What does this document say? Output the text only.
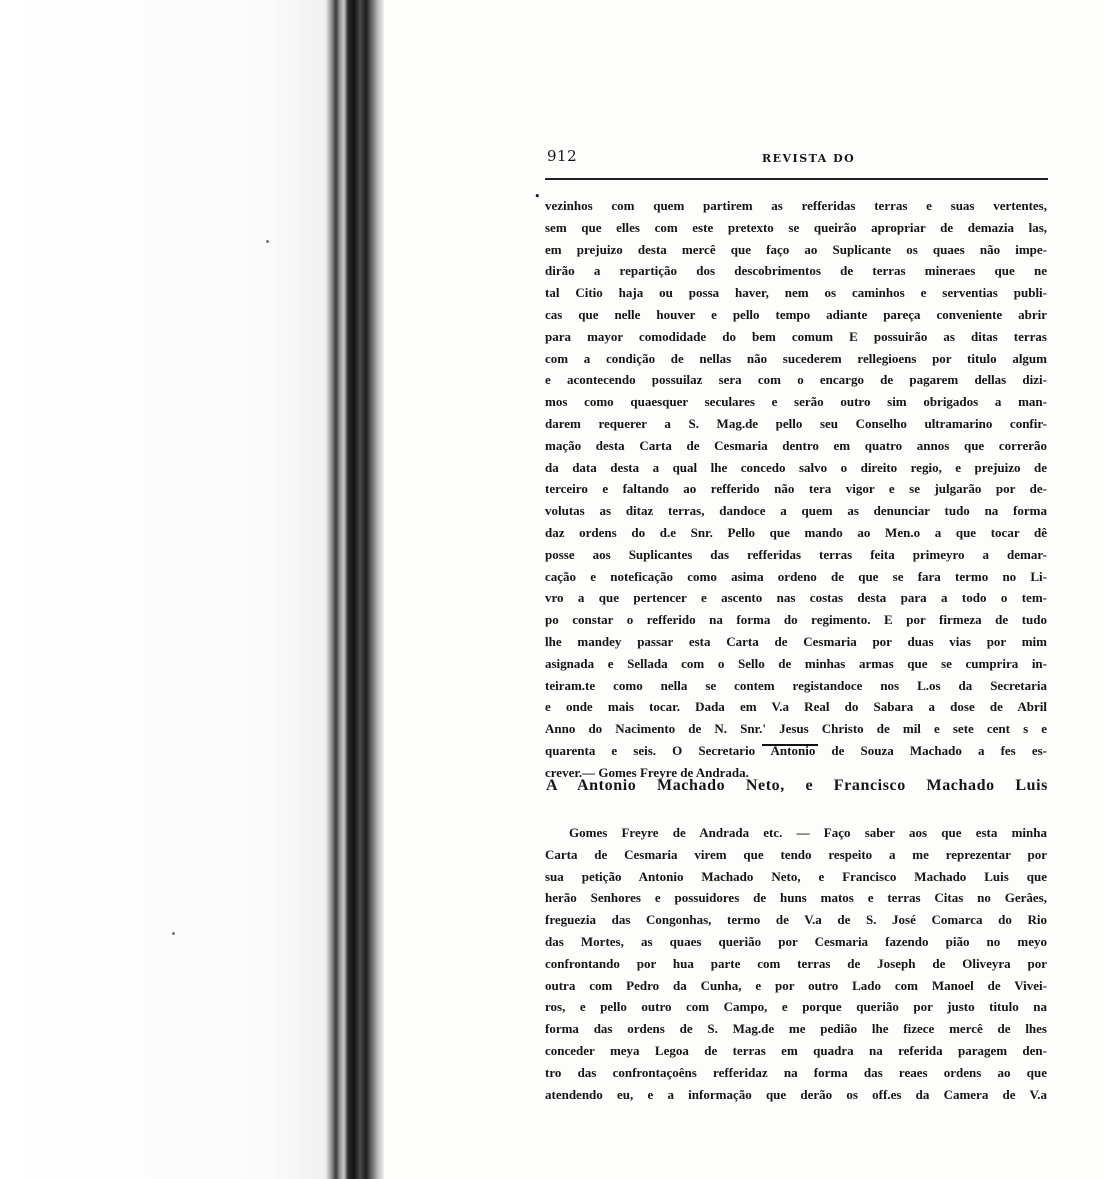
912	REVISTA DO
•
vezinhos com quem partirem as refferidas terras e suas vertentes,
sem que elles com este pretexto se queirão apropriar de demazia las,
em prejuizo desta mercê que faço ao Suplicante os quaes não impe-
dirão a repartição dos descobrimentos de terras mineraes que ne
tal Citio haja ou possa haver, nem os caminhos e serventias publi-
cas que nelle houver e pello tempo adiante pareça conveniente abrir
para mayor comodidade do bem comum E possuirão as ditas terras
com a condição de nellas não sucederem rellegioens por titulo algum
e acontecendo possuilaz sera com o encargo de pagarem dellas dizi-
mos como quaesquer seculares e serão outro sim obrigados a man-
darem requerer a S. Mag.de pello seu Conselho ultramarino confir-
mação desta Carta de Cesmaria dentro em quatro annos que correrão
da data desta a qual lhe concedo salvo o direito regio, e prejuizo de
terceiro e faltando ao refferido não tera vigor e se julgarão por de-
volutas as ditaz terras, dandoce a quem as denunciar tudo na forma
daz ordens do d.e Snr. Pello que mando ao Men.o a que tocar dê
posse aos Suplicantes das refferidas terras feita primeyro a demar-
cação e noteficação como asima ordeno de que se fara termo no Li-
vro a que pertencer e ascento nas costas desta para a todo o tem-
po constar o refferido na forma do regimento. E por firmeza de tudo
lhe mandey passar esta Carta de Cesmaria por duas vias por mim
asignada e Sellada com o Sello de minhas armas que se cumprira in-
teiram.te como nella se contem registandoce nos L.os da Secretaria
e onde mais tocar. Dada em V.a Real do Sabara a dose de Abril
Anno do Nacimento de N. Snr.' Jesus Christo de mil e sete cent s e
quarenta e seis. O Secretario Antonio de Souza Machado a fes es-
crever.— Gomes Freyre de Andrada.
A Antonio Machado Neto, e Francisco Machado Luis
Gomes Freyre de Andrada etc. — Faço saber aos que esta minha
Carta de Cesmaria virem que tendo respeito a me reprezentar por
sua petição Antonio Machado Neto, e Francisco Machado Luis que
herão Senhores e possuidores de huns matos e terras Citas no Gerâes,
freguezia das Congonhas, termo de V.a de S. José Comarca do Rio
das Mortes, as quaes querião por Cesmaria fazendo pião no meyo
confrontando por hua parte com terras de Joseph de Oliveyra por
outra com Pedro da Cunha, e por outro Lado com Manoel de Vivei-
ros, e pello outro com Campo, e porque querião por justo titulo na
forma das ordens de S. Mag.de me pedião lhe fizece mercê de lhes
conceder meya Legoa de terras em quadra na referida paragem den-
tro das confrontaçoêns refferidaz na forma das reaes ordens ao que
atendendo eu, e a informação que derão os off.es da Camera de V.a
